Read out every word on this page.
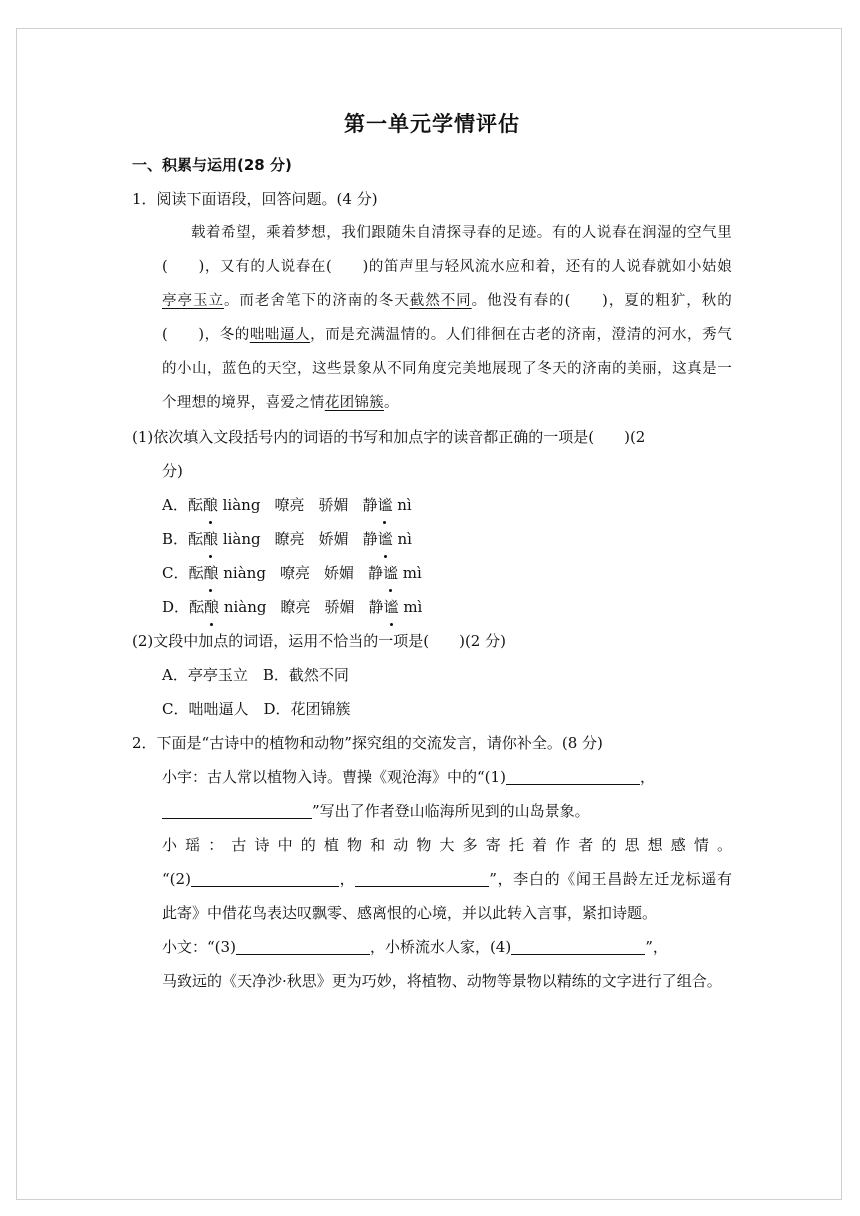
第一单元学情评估

一、积累与运用(28 分)

1．阅读下面语段，回答问题。(4 分)

载着希望，乘着梦想，我们跟随朱自清探寻春的足迹。有的人说春在润湿的空气里(　　)，又有的人说春在(　　)的笛声里与轻风流水应和着，还有的人说春就如小姑娘亭亭玉立。而老舍笔下的济南的冬天截然不同。他没有春的(　　)，夏的粗犷，秋的(　　)，冬的咄咄逼人，而是充满温情的。人们徘徊在古老的济南，澄清的河水，秀气的小山，蓝色的天空，这些景象从不同角度完美地展现了冬天的济南的美丽，这真是一个理想的境界，喜爱之情花团锦簇。

(1)依次填入文段括号内的词语的书写和加点字的读音都正确的一项是(　　)(2

分)

A．酝酿 liàng 嘹亮 骄媚 静谧 nì

B．酝酿 liàng 瞭亮 娇媚 静谧 nì

C．酝酿 niàng 嘹亮 娇媚 静谧 mì

D．酝酿 niàng 瞭亮 骄媚 静谧 mì

(2)文段中加点的词语，运用不恰当的一项是(　　)(2 分)

A．亭亭玉立　B．截然不同

C．咄咄逼人　D．花团锦簇

2．下面是“古诗中的植物和动物”探究组的交流发言，请你补全。(8 分)

小宇：古人常以植物入诗。曹操《观沧海》中的“(1)	，
”写出了作者登山临海所见到的山岛景象。

小瑶：古诗中的植物和动物大多寄托着作者的思想感情。
“(2)	，	”，李白的《闻王昌龄左迁龙标遥有此寄》中借花鸟表达叹飘零、感离恨的心境，并以此转入言事，紧扣诗题。

小文：“(3)	，小桥流水人家，(4)	”，
马致远的《天净沙·秋思》更为巧妙，将植物、动物等景物以精练的文字进行了组合。
